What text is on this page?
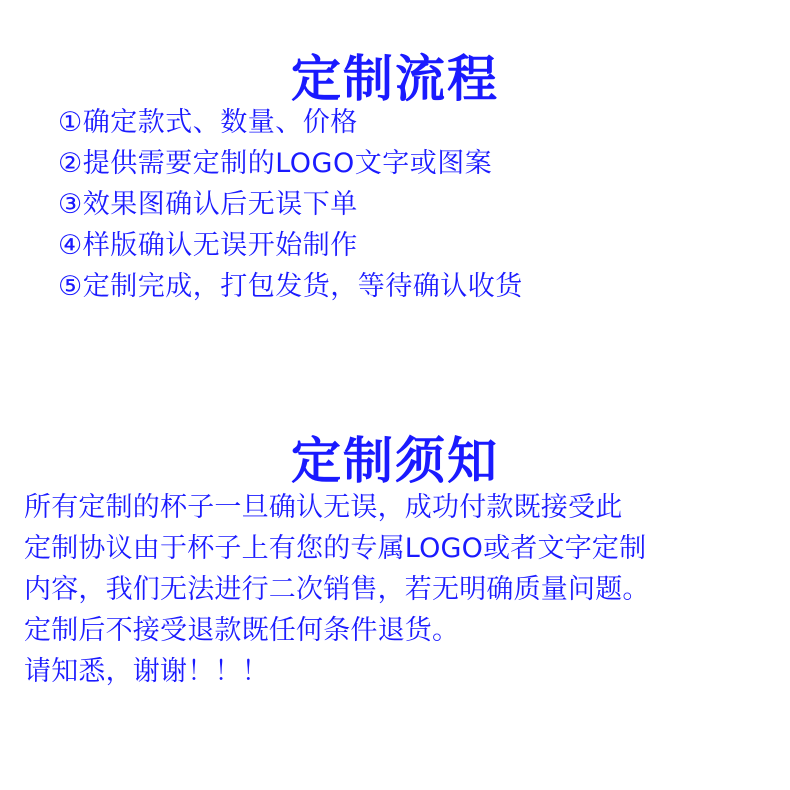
定制流程
①确定款式、数量、价格
②提供需要定制的LOGO文字或图案
③效果图确认后无误下单
④样版确认无误开始制作
⑤定制完成，打包发货，等待确认收货
定制须知

所有定制的杯子一旦确认无误，成功付款既接受此

定制协议由于杯子上有您的专属LOGO或者文字定制

内容，我们无法进行二次销售，若无明确质量问题。

定制后不接受退款既任何条件退货。

请知悉，谢谢！！！
